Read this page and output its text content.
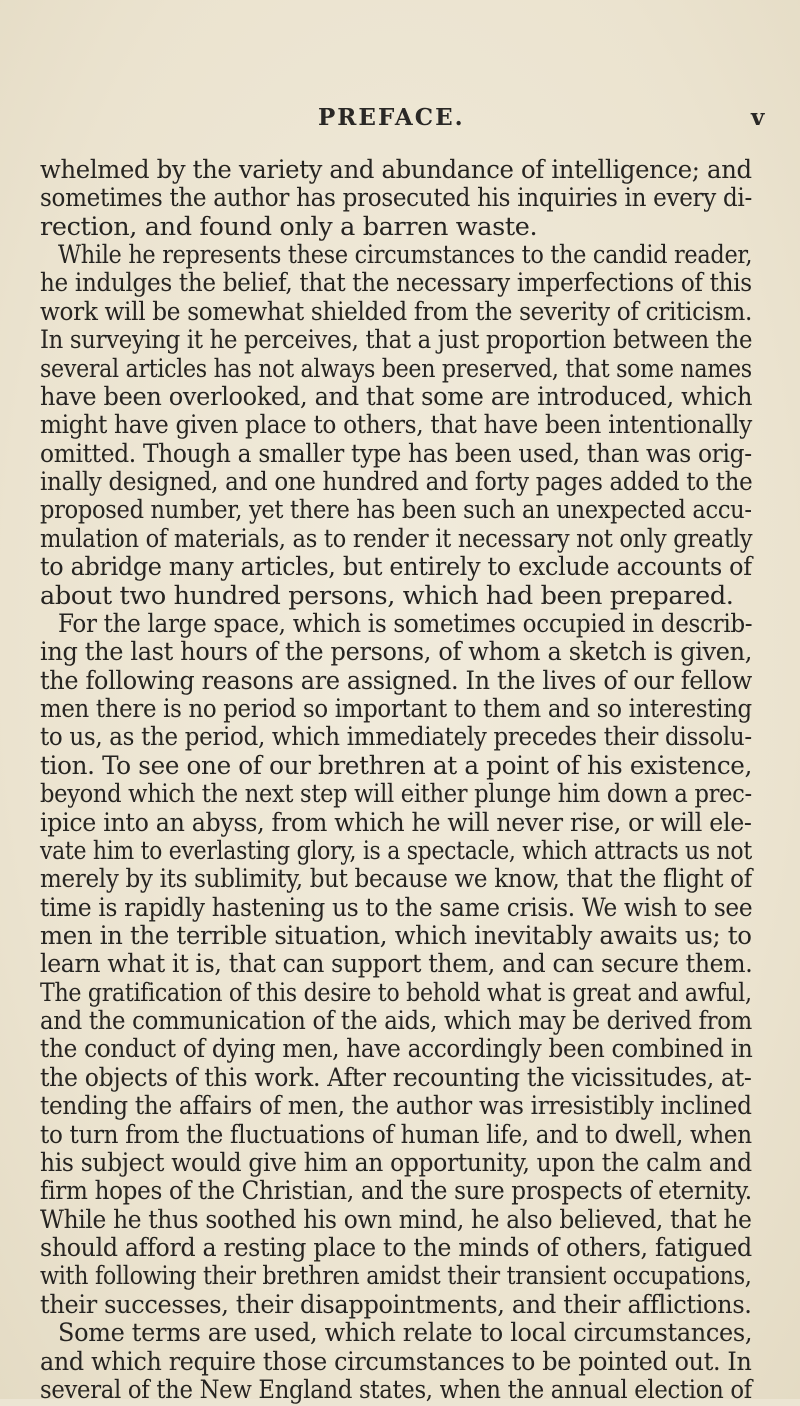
PREFACE.	v
whelmed by the variety and abundance of intelligence; and
sometimes the author has prosecuted his inquiries in every di-
rection, and found only a barren waste.
While he represents these circumstances to the candid reader,
he indulges the belief, that the necessary imperfections of this
work will be somewhat shielded from the severity of criticism.
In surveying it he perceives, that a just proportion between the
several articles has not always been preserved, that some names
have been overlooked, and that some are introduced, which
might have given place to others, that have been intentionally
omitted. Though a smaller type has been used, than was orig-
inally designed, and one hundred and forty pages added to the
proposed number, yet there has been such an unexpected accu-
mulation of materials, as to render it necessary not only greatly
to abridge many articles, but entirely to exclude accounts of
about two hundred persons, which had been prepared.
For the large space, which is sometimes occupied in describ-
ing the last hours of the persons, of whom a sketch is given,
the following reasons are assigned. In the lives of our fellow
men there is no period so important to them and so interesting
to us, as the period, which immediately precedes their dissolu-
tion. To see one of our brethren at a point of his existence,
beyond which the next step will either plunge him down a prec-
ipice into an abyss, from which he will never rise, or will ele-
vate him to everlasting glory, is a spectacle, which attracts us not
merely by its sublimity, but because we know, that the flight of
time is rapidly hastening us to the same crisis. We wish to see
men in the terrible situation, which inevitably awaits us; to
learn what it is, that can support them, and can secure them.
The gratification of this desire to behold what is great and awful,
and the communication of the aids, which may be derived from
the conduct of dying men, have accordingly been combined in
the objects of this work. After recounting the vicissitudes, at-
tending the affairs of men, the author was irresistibly inclined
to turn from the fluctuations of human life, and to dwell, when
his subject would give him an opportunity, upon the calm and
firm hopes of the Christian, and the sure prospects of eternity.
While he thus soothed his own mind, he also believed, that he
should afford a resting place to the minds of others, fatigued
with following their brethren amidst their transient occupations,
their successes, their disappointments, and their afflictions.
Some terms are used, which relate to local circumstances,
and which require those circumstances to be pointed out. In
several of the New England states, when the annual election of
